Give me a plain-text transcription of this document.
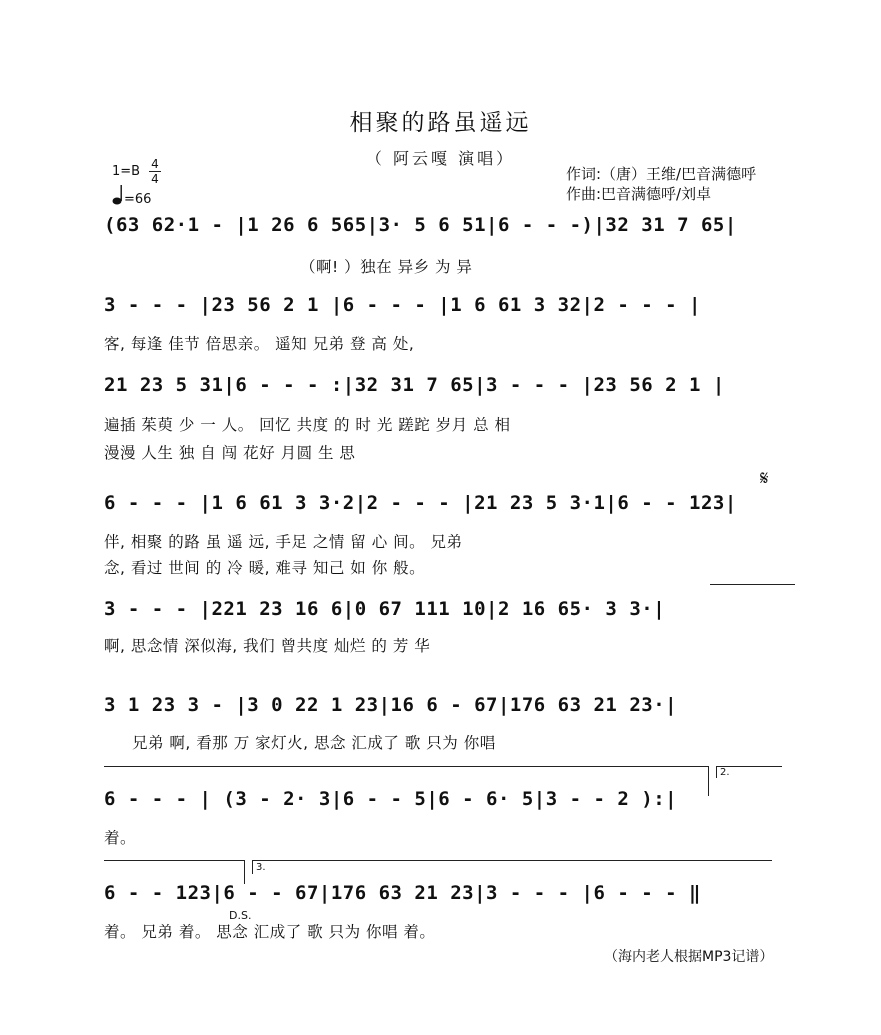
相聚的路虽遥远
（ 阿云嘎 演唱）
1=B 4
4
=66
作词:（唐）王维/巴音满德呼
作曲:巴音满德呼/刘卓
(63 62·1 - |1 26 6 565|3· 5 6 51|6 - - -)|32 31 7 65|
（啊! ）独在 异乡 为 异
3 - - - |23 56 2 1 |6 - - - |1 6 61 3 32|2 - - - |
客, 每逢 佳节 倍思亲。 遥知 兄弟 登 高 处,
21 23 5 31|6 - - - :|32 31 7 65|3 - - - |23 56 2 1 |
遍插 茱萸 少 一 人。 回忆 共度 的 时 光 蹉跎 岁月 总 相
漫漫 人生 独 自 闯 花好 月圆 生 思
𝄋
6 - - - |1 6 61 3 3·2|2 - - - |21 23 5 3·1|6 - - 123|
伴, 相聚 的路 虽 遥 远, 手足 之情 留 心 间。 兄弟
念, 看过 世间 的 冷 暖, 难寻 知己 如 你 般。
3 - - - |221 23 16 6|0 67 111 10|2 16 65· 3 3·|
啊, 思念情 深似海, 我们 曾共度 灿烂 的 芳 华
3 1 23 3 - |3 0 22 1 23|16 6 - 67|176 63 21 23·|
兄弟 啊, 看那 万 家灯火, 思念 汇成了 歌 只为 你唱
2.
6 - - - | (3 - 2· 3|6 - - 5|6 - 6· 5|3 - - 2 ):|
着。
3.
6 - - 123|6 - - 67|176 63 21 23|3 - - - |6 - - - ‖
D.S.
着。 兄弟 着。 思念 汇成了 歌 只为 你唱 着。
（海内老人根据MP3记谱）
